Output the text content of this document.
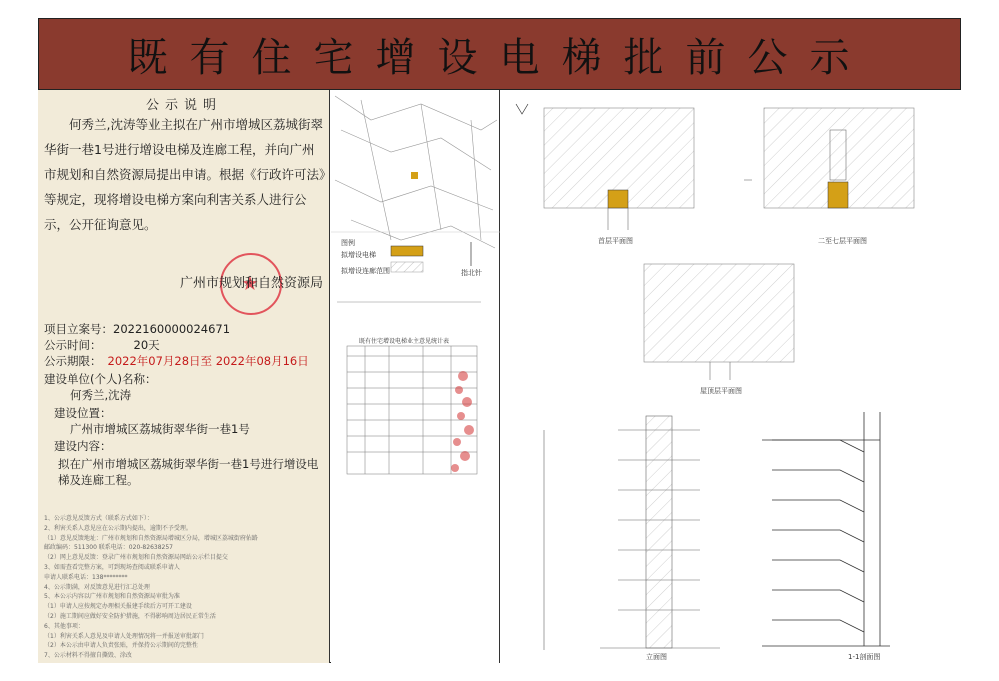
既有住宅增设电梯批前公示
公示说明
何秀兰,沈涛等业主拟在广州市增城区荔城街翠华街一巷1号进行增设电梯及连廊工程，并向广州市规划和自然资源局提出申请。根据《行政许可法》等规定，现将增设电梯方案向利害关系人进行公示，公开征询意见。
★
广州市规划和自然资源局
项目立案号：2022160000024671
公示时间：	20天
公示期限： 2022年07月28日至 2022年08月16日
建设单位(个人)名称：
何秀兰,沈涛
建设位置：
广州市增城区荔城街翠华街一巷1号
建设内容：
拟在广州市增城区荔城街翠华街一巷1号进行增设电梯及连廊工程。
1、公示意见反馈方式（联系方式如下）：
2、利害关系人意见应在公示期内提出，逾期不予受理。
（1）意见反馈地址：广州市规划和自然资源局增城区分局，增城区荔城街府佑路
邮政编码：511300 联系电话：020-82638257
（2）网上意见反馈：登录广州市规划和自然资源局网站公示栏目提交
3、如需查看完整方案，可到现场查阅或联系申请人
申请人联系电话：138********
4、公示期满，对反馈意见进行汇总处理
5、本公示内容以广州市规划和自然资源局审批为准
（1）申请人应按规定办理相关报建手续后方可开工建设
（2）施工期间应做好安全防护措施，不得影响周边居民正常生活
6、其他事项：
（1）利害关系人意见及申请人处理情况将一并报送审批部门
（2）本公示由申请人负责张贴，并保持公示期间的完整性
7、公示材料不得擅自撕毁、涂改
图例
拟增设电梯
拟增设连廊范围	指北针
既有住宅增设电梯业主意见统计表
首层平面图	二至七层平面图
屋顶层平面图
立面图	1-1剖面图
